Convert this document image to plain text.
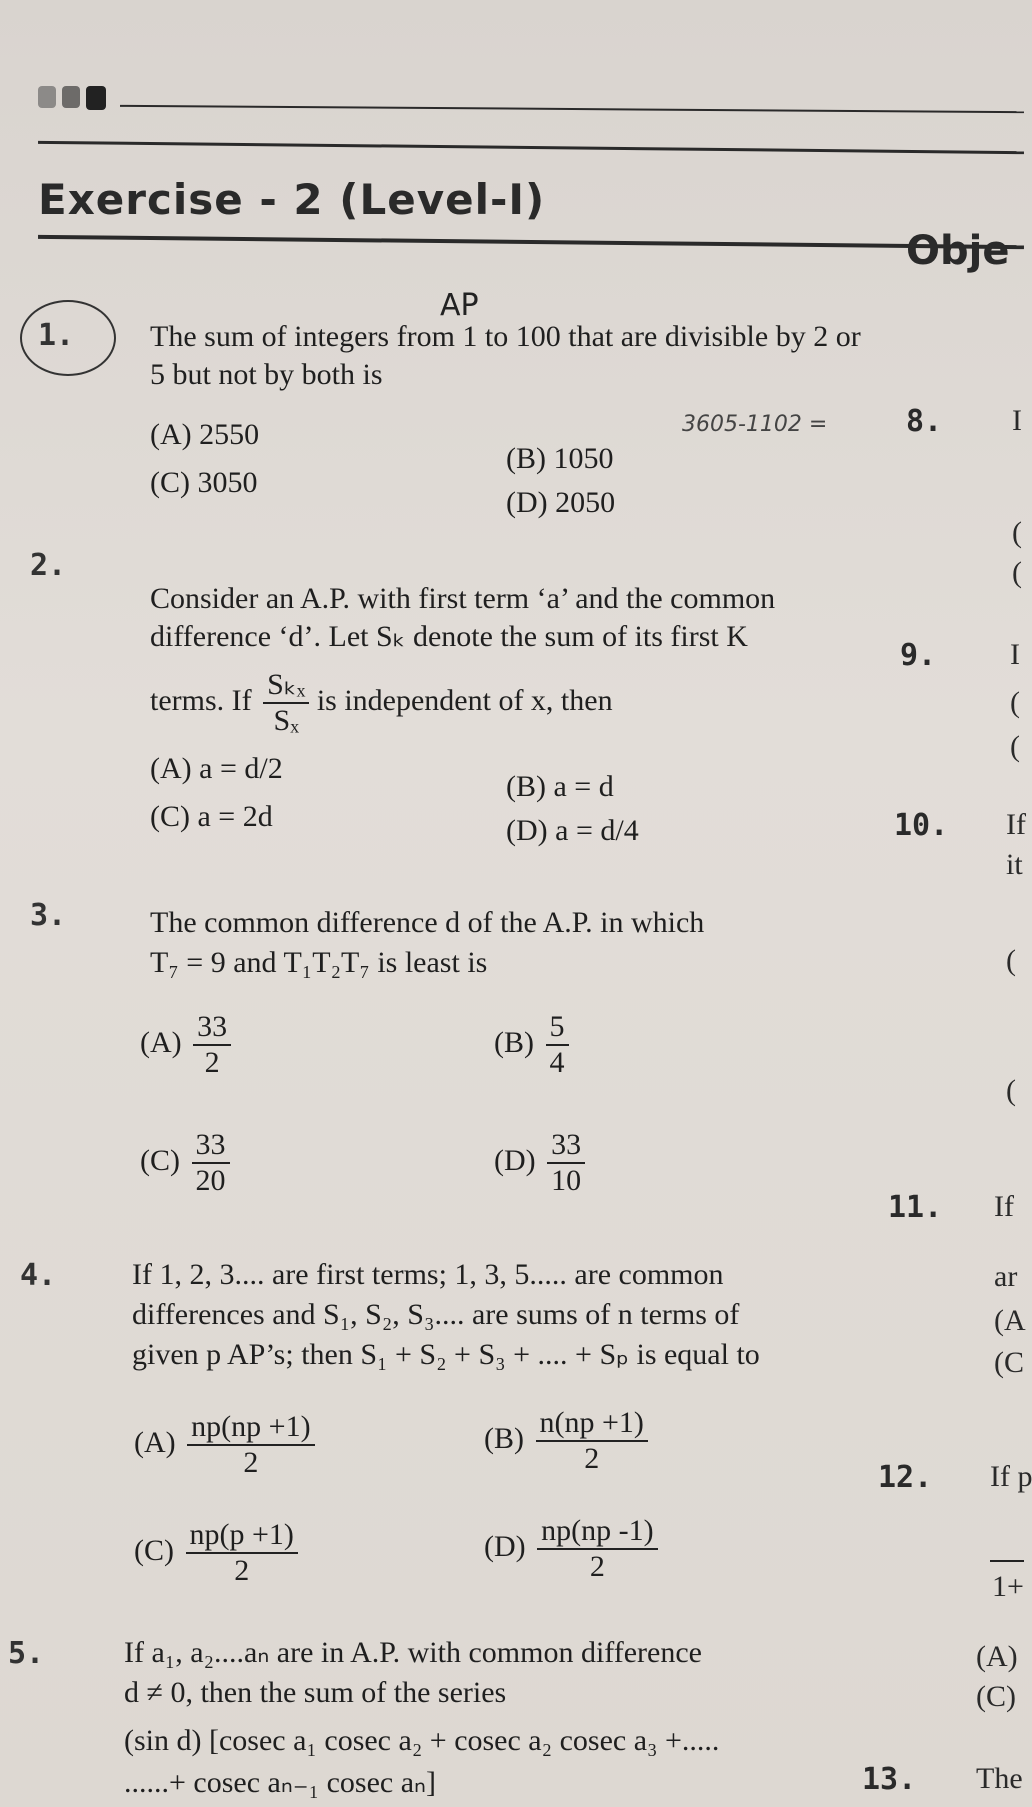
Exercise - 2 (Level-I)
Obje
AP
1.	The sum of integers from 1 to 100 that are divisible by 2 or 5 but not by both is
(A) 2550
(B) 1050
(C) 3050
(D) 2050
3605-1102 =
2.
Consider an A.P. with first term ‘a’ and the common
difference ‘d’. Let Sₖ denote the sum of its first K
terms. If $\frac{\text{Sₖₓ}}{\text{Sₓ}}$ is independent of x, then
(A) a = d/2
(B) a = d
(C) a = 2d	(D) a = d/4
3.	The common difference d of the A.P. in which
T₇ = 9 and T₁T₂T₇ is least is
$(A) \frac{33}{2}$	$(B) \frac{5}{4}$
$(C) \frac{33}{20}$	$(D) \frac{33}{10}$
4.	If 1, 2, 3.... are first terms; 1, 3, 5..... are common
differences and S₁, S₂, S₃.... are sums of n terms of
given p AP’s; then S₁ + S₂ + S₃ + .... + Sₚ is equal to
$(A) \frac{np(np +1)}{2}$	$(B) \frac{n(np +1)}{2}$
$(C) \frac{np(p +1)}{2}$	$(D) \frac{np(np -1)}{2}$
5.	If a₁, a₂....aₙ are in A.P. with common difference
d ≠ 0, then the sum of the series
(sin d) [cosec a₁ cosec a₂ + cosec a₂ cosec a₃ +.....
......+ cosec aₙ₋₁ cosec aₙ]
8. I
(
(
9. I
(
(
10. If
it
(
(
11. If
ar
(A
(C
12. If p
1+
(A)
(C)
13. The
